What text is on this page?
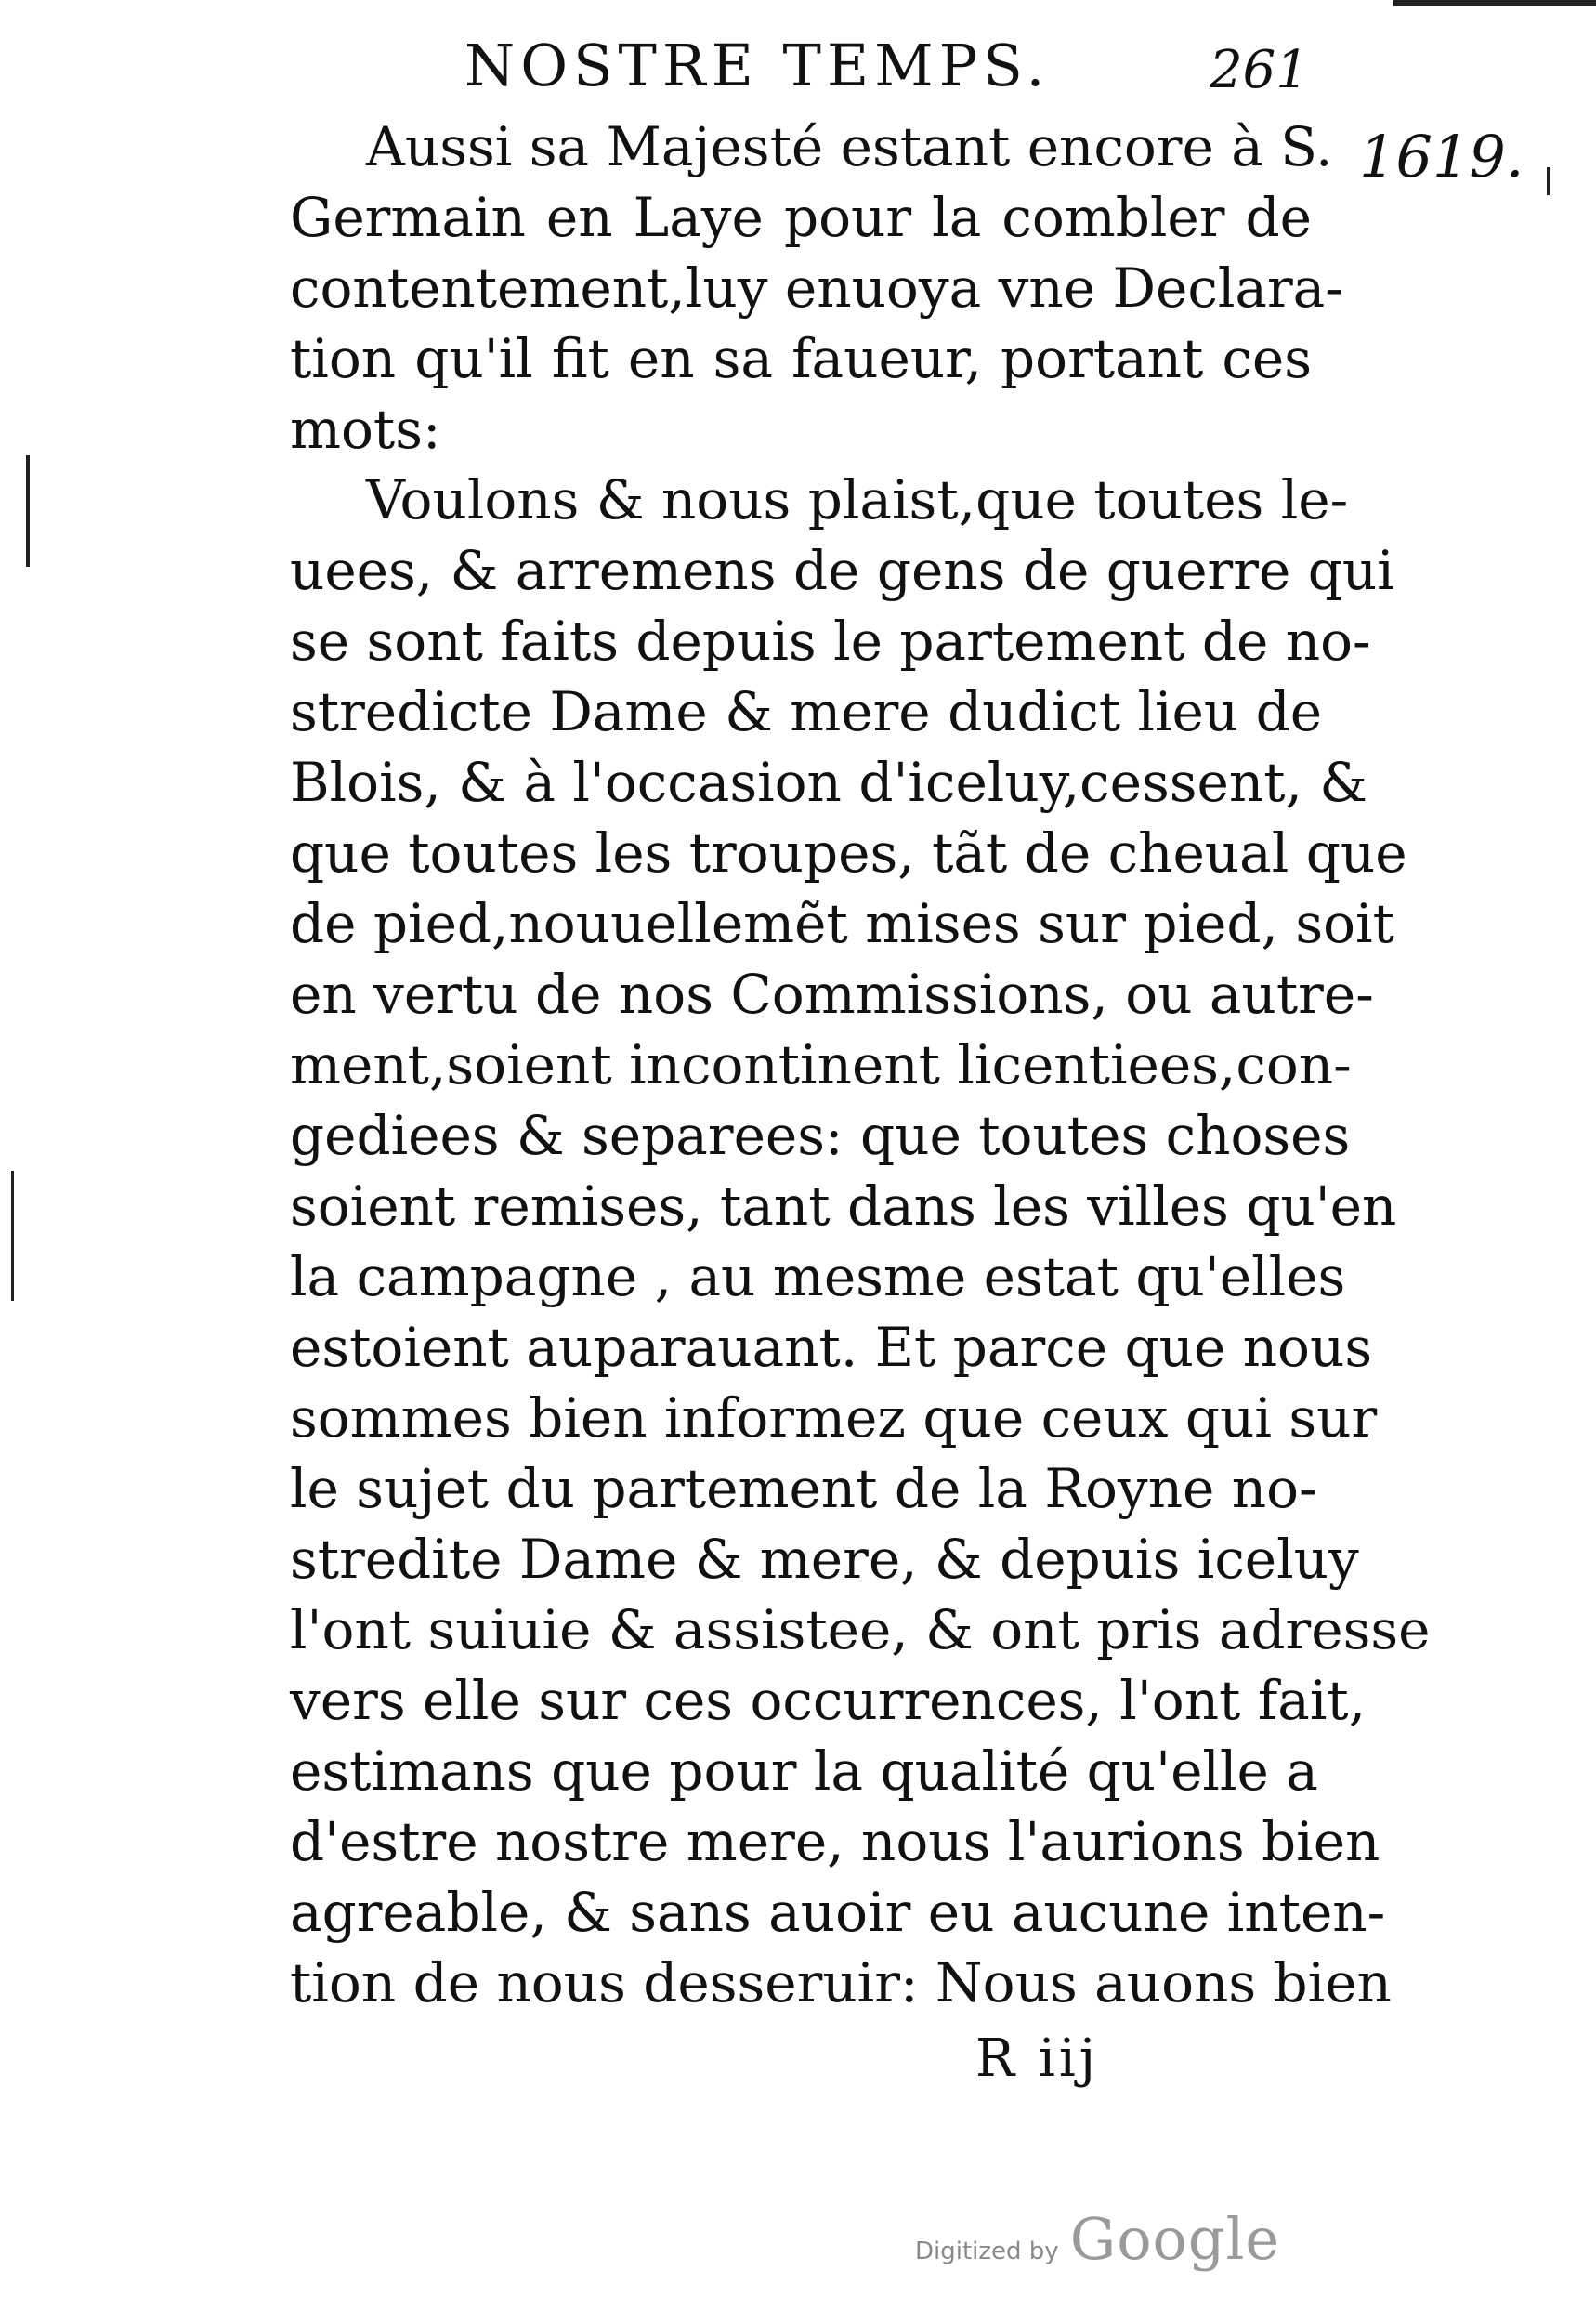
NOSTRE TEMPS.	261
1619.
Aussi sa Majesté estant encore à S.
Germain en Laye pour la combler de
contentement,luy enuoya vne Declara-
tion qu'il fit en sa faueur, portant ces
mots:
Voulons & nous plaist,que toutes le-
uees, & arremens de gens de guerre qui
se sont faits depuis le partement de no-
stredicte Dame & mere dudict lieu de
Blois, & à l'occasion d'iceluy,cessent, &
que toutes les troupes, tãt de cheual que
de pied,nouuellemẽt mises sur pied, soit
en vertu de nos Commissions, ou autre-
ment,soient incontinent licentiees,con-
gediees & separees: que toutes choses
soient remises, tant dans les villes qu'en
la campagne , au mesme estat qu'elles
estoient auparauant. Et parce que nous
sommes bien informez que ceux qui sur
le sujet du partement de la Royne no-
stredite Dame & mere, & depuis iceluy
l'ont suiuie & assistee, & ont pris adresse
vers elle sur ces occurrences, l'ont fait,
estimans que pour la qualité qu'elle a
d'estre nostre mere, nous l'aurions bien
agreable, & sans auoir eu aucune inten-
tion de nous desseruir: Nous auons bien
R iij
Digitized by Google
